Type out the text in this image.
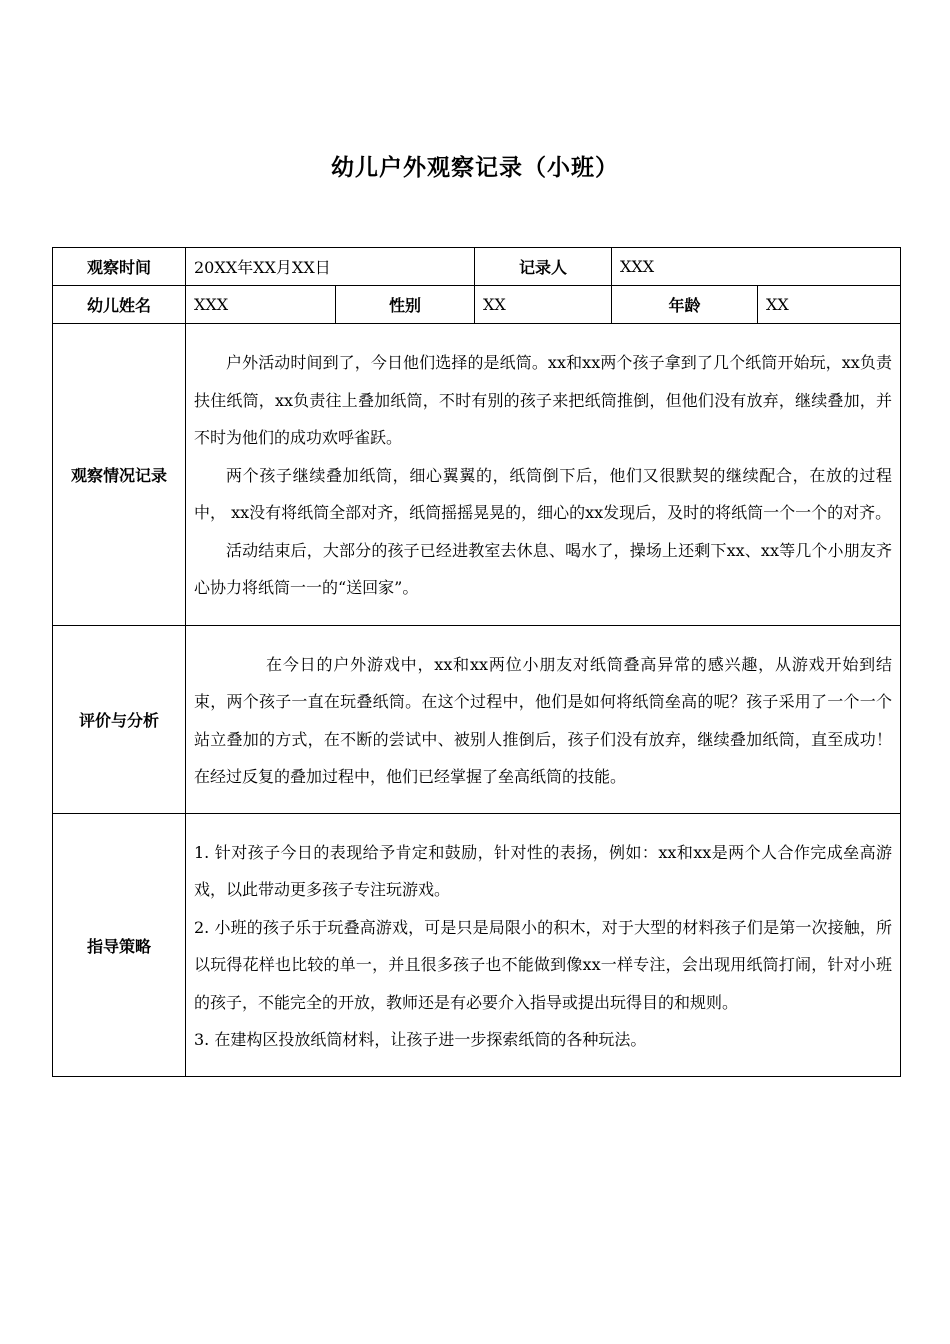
幼儿户外观察记录（小班）
观察时间	20XX年XX月XX日		记录人	XXX	
幼儿姓名	XXX	性别	XX	年龄	XX
观察情况记录	户外活动时间到了，今日他们选择的是纸筒。xx和xx两个孩子拿到了几个纸筒开始玩，xx负责扶住纸筒，xx负责往上叠加纸筒，不时有别的孩子来把纸筒推倒，但他们没有放弃，继续叠加，并不时为他们的成功欢呼雀跃。

两个孩子继续叠加纸筒，细心翼翼的，纸筒倒下后，他们又很默契的继续配合，在放的过程中， xx没有将纸筒全部对齐，纸筒摇摇晃晃的，细心的xx发现后，及时的将纸筒一个一个的对齐。

活动结束后，大部分的孩子已经进教室去休息、喝水了，操场上还剩下xx、xx等几个小朋友齐心协力将纸筒一一的“送回家”。				

评价与分析	在今日的户外游戏中，xx和xx两位小朋友对纸筒叠高异常的感兴趣，从游戏开始到结束，两个孩子一直在玩叠纸筒。在这个过程中，他们是如何将纸筒垒高的呢？孩子采用了一个一个站立叠加的方式，在不断的尝试中、被别人推倒后，孩子们没有放弃，继续叠加纸筒，直至成功！在经过反复的叠加过程中，他们已经掌握了垒高纸筒的技能。				

指导策略	1. 针对孩子今日的表现给予肯定和鼓励，针对性的表扬，例如：xx和xx是两个人合作完成垒高游戏，以此带动更多孩子专注玩游戏。

2. 小班的孩子乐于玩叠高游戏，可是只是局限小的积木，对于大型的材料孩子们是第一次接触，所以玩得花样也比较的单一，并且很多孩子也不能做到像xx一样专注，会出现用纸筒打闹，针对小班的孩子，不能完全的开放，教师还是有必要介入指导或提出玩得目的和规则。

3. 在建构区投放纸筒材料，让孩子进一步探索纸筒的各种玩法。				
